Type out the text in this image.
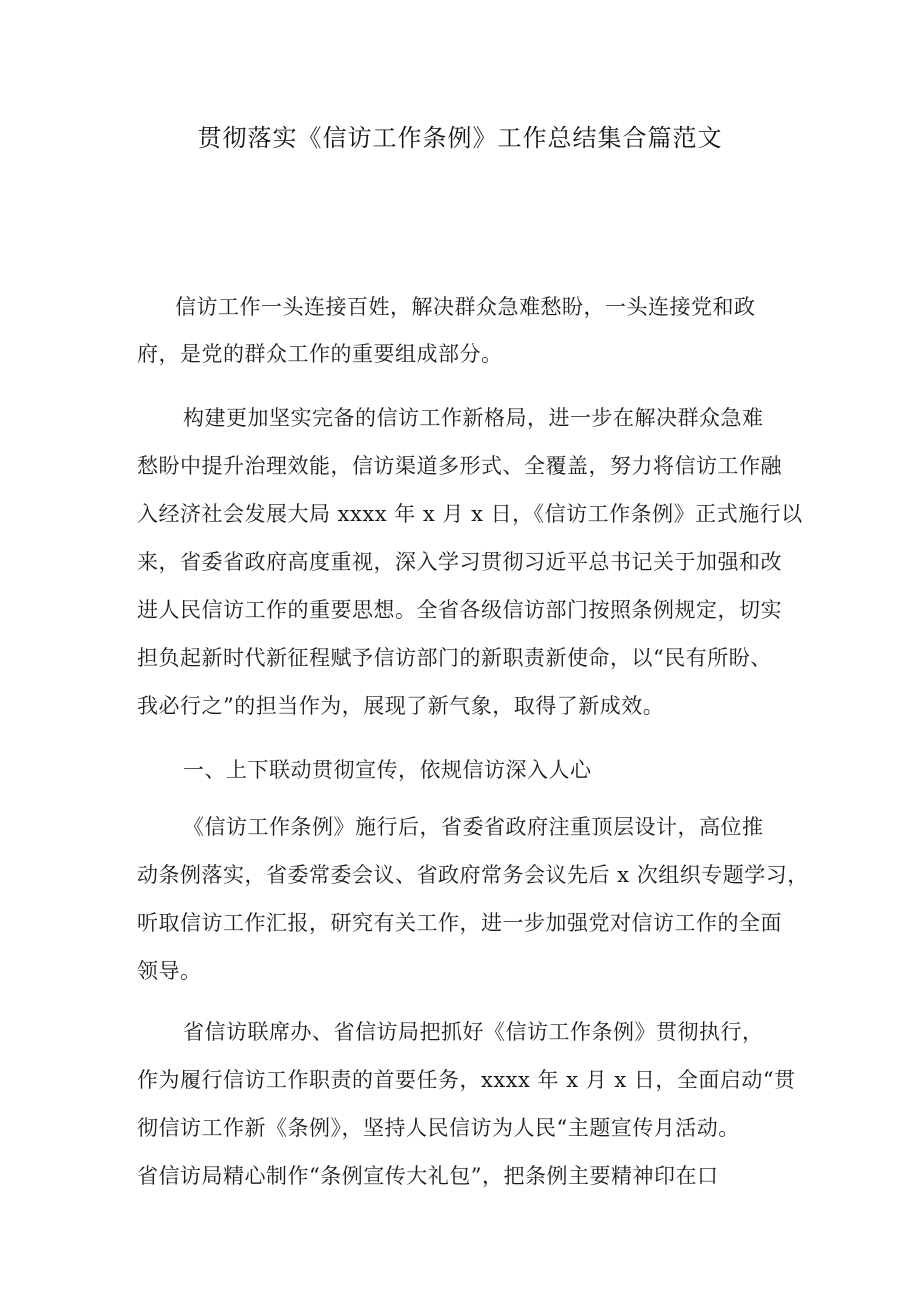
贯彻落实《信访工作条例》工作总结集合篇范文
信访工作一头连接百姓，解决群众急难愁盼，一头连接党和政
府，是党的群众工作的重要组成部分。
构建更加坚实完备的信访工作新格局，进一步在解决群众急难
愁盼中提升治理效能，信访渠道多形式、全覆盖，努力将信访工作融
入经济社会发展大局 xxxx 年 x 月 x 日，《信访工作条例》正式施行以
来，省委省政府高度重视，深入学习贯彻习近平总书记关于加强和改
进人民信访工作的重要思想。全省各级信访部门按照条例规定，切实
担负起新时代新征程赋予信访部门的新职责新使命，以“民有所盼、
我必行之”的担当作为，展现了新气象，取得了新成效。
一、上下联动贯彻宣传，依规信访深入人心
《信访工作条例》施行后，省委省政府注重顶层设计，高位推
动条例落实，省委常委会议、省政府常务会议先后 x 次组织专题学习，
听取信访工作汇报，研究有关工作，进一步加强党对信访工作的全面
领导。
省信访联席办、省信访局把抓好《信访工作条例》贯彻执行，
作为履行信访工作职责的首要任务，xxxx 年 x 月 x 日，全面启动“贯
彻信访工作新《条例》，坚持人民信访为人民“主题宣传月活动。
省信访局精心制作“条例宣传大礼包”，把条例主要精神印在口
